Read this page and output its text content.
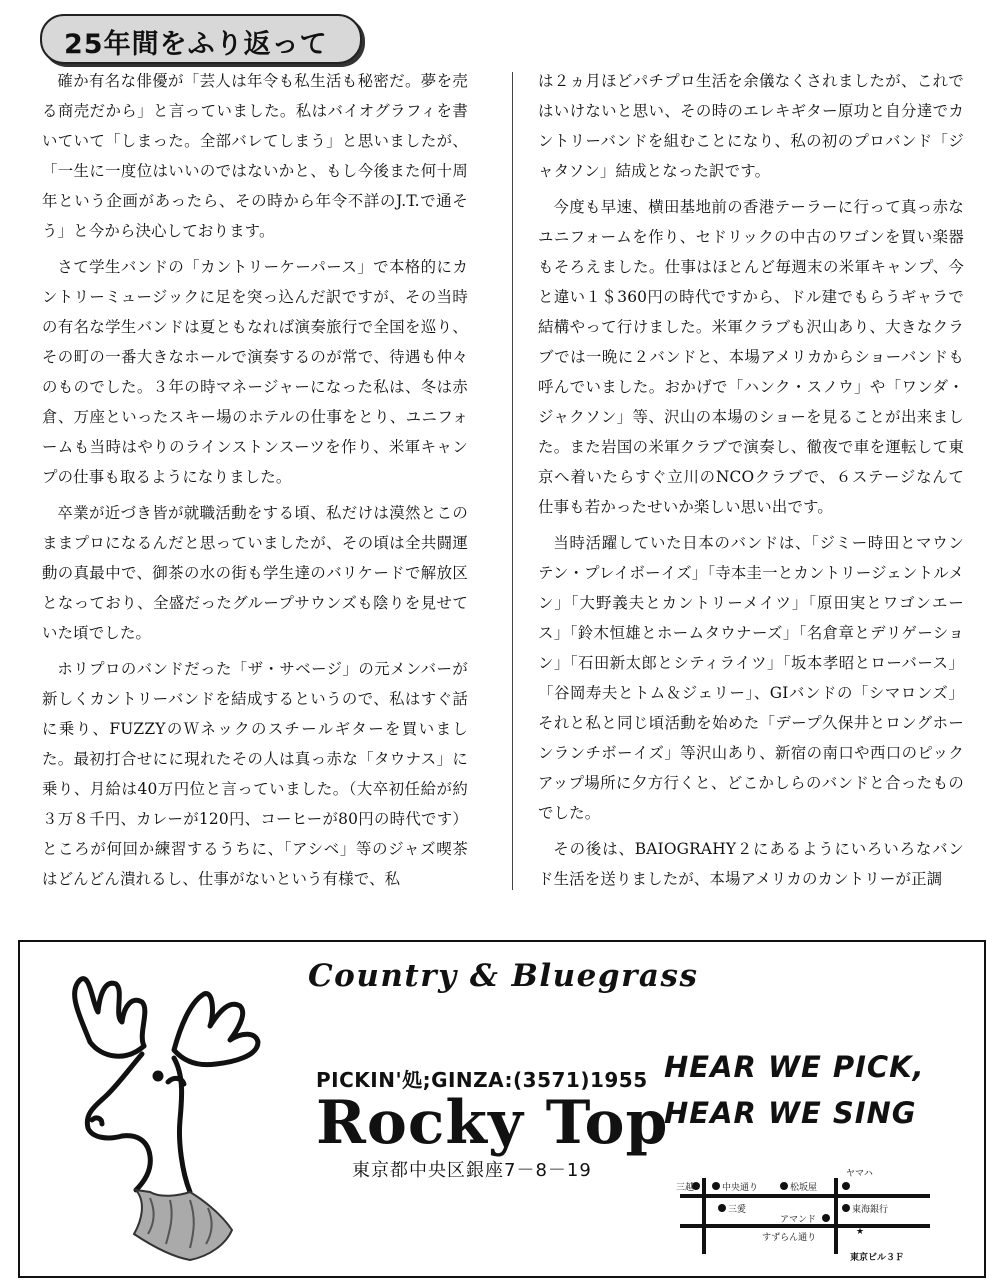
25年間をふり返って

確か有名な俳優が「芸人は年令も私生活も秘密だ。夢を売る商売だから」と言っていました。私はバイオグラフィを書いていて「しまった。全部バレてしまう」と思いましたが、「一生に一度位はいいのではないかと、もし今後また何十周年という企画があったら、その時から年令不詳のJ.T.で通そう」と今から決心しております。

さて学生バンドの「カントリーケーパース」で本格的にカントリーミュージックに足を突っ込んだ訳ですが、その当時の有名な学生バンドは夏ともなれば演奏旅行で全国を巡り、その町の一番大きなホールで演奏するのが常で、待遇も仲々のものでした。３年の時マネージャーになった私は、冬は赤倉、万座といったスキー場のホテルの仕事をとり、ユニフォームも当時はやりのラインストンスーツを作り、米軍キャンプの仕事も取るようになりました。

卒業が近づき皆が就職活動をする頃、私だけは漠然とこのままプロになるんだと思っていましたが、その頃は全共闘運動の真最中で、御茶の水の街も学生達のバリケードで解放区となっており、全盛だったグループサウンズも陰りを見せていた頃でした。

ホリプロのバンドだった「ザ・サベージ」の元メンバーが新しくカントリーバンドを結成するというので、私はすぐ話に乗り、FUZZYのＷネックのスチールギターを買いました。最初打合せにに現れたその人は真っ赤な「タウナス」に乗り、月給は40万円位と言っていました。（大卒初任給が約３万８千円、カレーが120円、コーヒーが80円の時代です）ところが何回か練習するうちに、「アシベ」等のジャズ喫茶はどんどん潰れるし、仕事がないという有様で、私

は２ヵ月ほどパチプロ生活を余儀なくされましたが、これではいけないと思い、その時のエレキギター原功と自分達でカントリーバンドを組むことになり、私の初のプロバンド「ジャタソン」結成となった訳です。

今度も早速、横田基地前の香港テーラーに行って真っ赤なユニフォームを作り、セドリックの中古のワゴンを買い楽器もそろえました。仕事はほとんど毎週末の米軍キャンプ、今と違い１＄360円の時代ですから、ドル建でもらうギャラで結構やって行けました。米軍クラブも沢山あり、大きなクラブでは一晩に２バンドと、本場アメリカからショーバンドも呼んでいました。おかげで「ハンク・スノウ」や「ワンダ・ジャクソン」等、沢山の本場のショーを見ることが出来ました。また岩国の米軍クラブで演奏し、徹夜で車を運転して東京へ着いたらすぐ立川のNCOクラブで、６ステージなんて仕事も若かったせいか楽しい思い出です。

当時活躍していた日本のバンドは、「ジミー時田とマウンテン・プレイボーイズ」「寺本圭一とカントリージェントルメン」「大野義夫とカントリーメイツ」「原田実とワゴンエース」「鈴木恒雄とホームタウナーズ」「名倉章とデリゲーション」「石田新太郎とシティライツ」「坂本孝昭とローバース」「谷岡寿夫とトム＆ジェリー」、GIバンドの「シマロンズ」それと私と同じ頃活動を始めた「デープ久保井とロングホーンランチボーイズ」等沢山あり、新宿の南口や西口のピックアップ場所に夕方行くと、どこかしらのバンドと合ったものでした。

その後は、BAIOGRAHY２にあるようにいろいろなバンド生活を送りましたが、本場アメリカのカントリーが正調

Country & Bluegrass
PICKIN'処;GINZA:(3571)1955
Rocky Top
東京都中央区銀座7－8－19
HEAR WE PICK,
HEAR WE SING
★
三越	中央通り	松坂屋
ヤマハ
三愛	東海銀行
アマンド
すずらん通り
東京ビル３Ｆ
